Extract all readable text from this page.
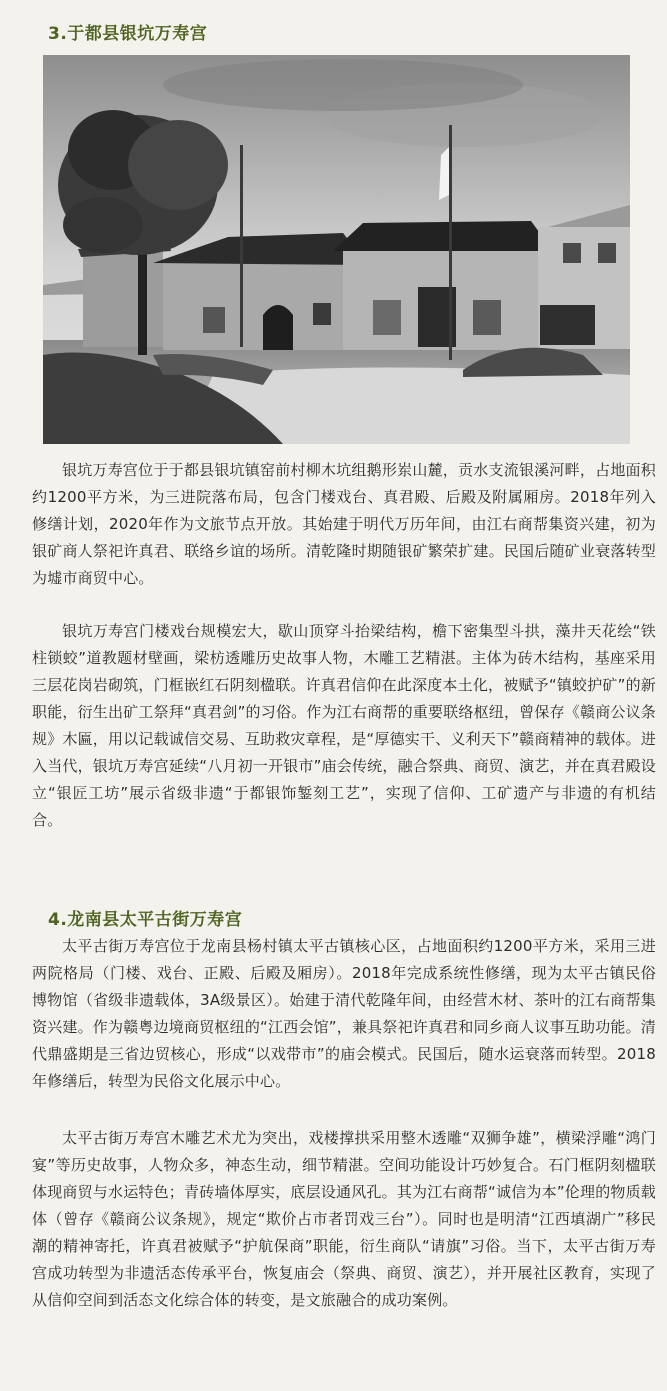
3.于都县银坑万寿宫

银坑万寿宫位于于都县银坑镇窑前村柳木坑组鹅形岽山麓，贡水支流银溪河畔，占地面积约1200平方米，为三进院落布局，包含门楼戏台、真君殿、后殿及附属厢房。2018年列入修缮计划，2020年作为文旅节点开放。其始建于明代万历年间，由江右商帮集资兴建，初为银矿商人祭祀许真君、联络乡谊的场所。清乾隆时期随银矿繁荣扩建。民国后随矿业衰落转型为墟市商贸中心。

银坑万寿宫门楼戏台规模宏大，歇山顶穿斗抬梁结构，檐下密集型斗拱，藻井天花绘“铁柱锁蛟”道教题材壁画，梁枋透雕历史故事人物，木雕工艺精湛。主体为砖木结构，基座采用三层花岗岩砌筑，门框嵌红石阴刻楹联。许真君信仰在此深度本土化，被赋予“镇蛟护矿”的新职能，衍生出矿工祭拜“真君剑”的习俗。作为江右商帮的重要联络枢纽，曾保存《赣商公议条规》木匾，用以记载诚信交易、互助救灾章程，是“厚德实干、义利天下”赣商精神的载体。进入当代，银坑万寿宫延续“八月初一开银市”庙会传统，融合祭典、商贸、演艺，并在真君殿设立“银匠工坊”展示省级非遗“于都银饰錾刻工艺”，实现了信仰、工矿遗产与非遗的有机结合。

4.龙南县太平古街万寿宫

太平古街万寿宫位于龙南县杨村镇太平古镇核心区，占地面积约1200平方米，采用三进两院格局（门楼、戏台、正殿、后殿及厢房）。2018年完成系统性修缮，现为太平古镇民俗博物馆（省级非遗载体，3A级景区）。始建于清代乾隆年间，由经营木材、茶叶的江右商帮集资兴建。作为赣粤边境商贸枢纽的“江西会馆”，兼具祭祀许真君和同乡商人议事互助功能。清代鼎盛期是三省边贸核心，形成“以戏带市”的庙会模式。民国后，随水运衰落而转型。2018年修缮后，转型为民俗文化展示中心。

太平古街万寿宫木雕艺术尤为突出，戏楼撑拱采用整木透雕“双狮争雄”，横梁浮雕“鸿门宴”等历史故事，人物众多，神态生动，细节精湛。空间功能设计巧妙复合。石门框阴刻楹联体现商贸与水运特色；青砖墙体厚实，底层设通风孔。其为江右商帮“诚信为本”伦理的物质载体（曾存《赣商公议条规》，规定“欺价占市者罚戏三台”）。同时也是明清“江西填湖广”移民潮的精神寄托，许真君被赋予“护航保商”职能，衍生商队“请旗”习俗。当下，太平古街万寿宫成功转型为非遗活态传承平台，恢复庙会（祭典、商贸、演艺），并开展社区教育，实现了从信仰空间到活态文化综合体的转变，是文旅融合的成功案例。
